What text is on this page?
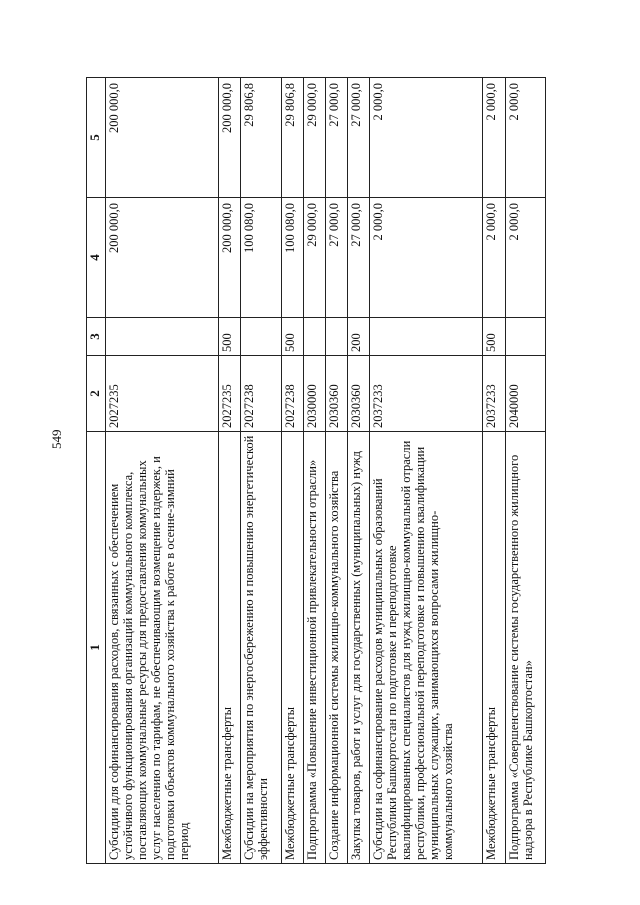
549
1	2	3	4	5
Субсидии для софинансирования расходов, связанных с обеспечением устойчивого функционирования организаций коммунального комплекса, поставляющих коммунальные ресурсы для предоставления коммунальных услуг населению по тарифам, не обеспечивающим возмещение издержек, и подготовки объектов коммунального хозяйства к работе в осенне-зимний период	2027235		200 000,0	200 000,0
Межбюджетные трансферты	2027235	500	200 000,0	200 000,0
Субсидии на мероприятия по энергосбережению и повышению энергетической эффективности	2027238		100 080,0	29 806,8
Межбюджетные трансферты	2027238	500	100 080,0	29 806,8
Подпрограмма «Повышение инвестиционной привлекательности отрасли»	2030000		29 000,0	29 000,0
Создание информационной системы жилищно-коммунального хозяйства	2030360		27 000,0	27 000,0
Закупка товаров, работ и услуг для государственных (муниципальных) нужд	2030360	200	27 000,0	27 000,0
Субсидии на софинансирование расходов муниципальных образований Республики Башкортостан по подготовке и переподготовке квалифицированных специалистов для нужд жилищно-коммунальной отрасли республики, профессиональной переподготовке и повышению квалификации муниципальных служащих, занимающихся вопросами жилищно-коммунального хозяйства	2037233		2 000,0	2 000,0
Межбюджетные трансферты	2037233	500	2 000,0	2 000,0
Подпрограмма «Совершенствование системы государственного жилищного надзора в Республике Башкортостан»	2040000		2 000,0	2 000,0
